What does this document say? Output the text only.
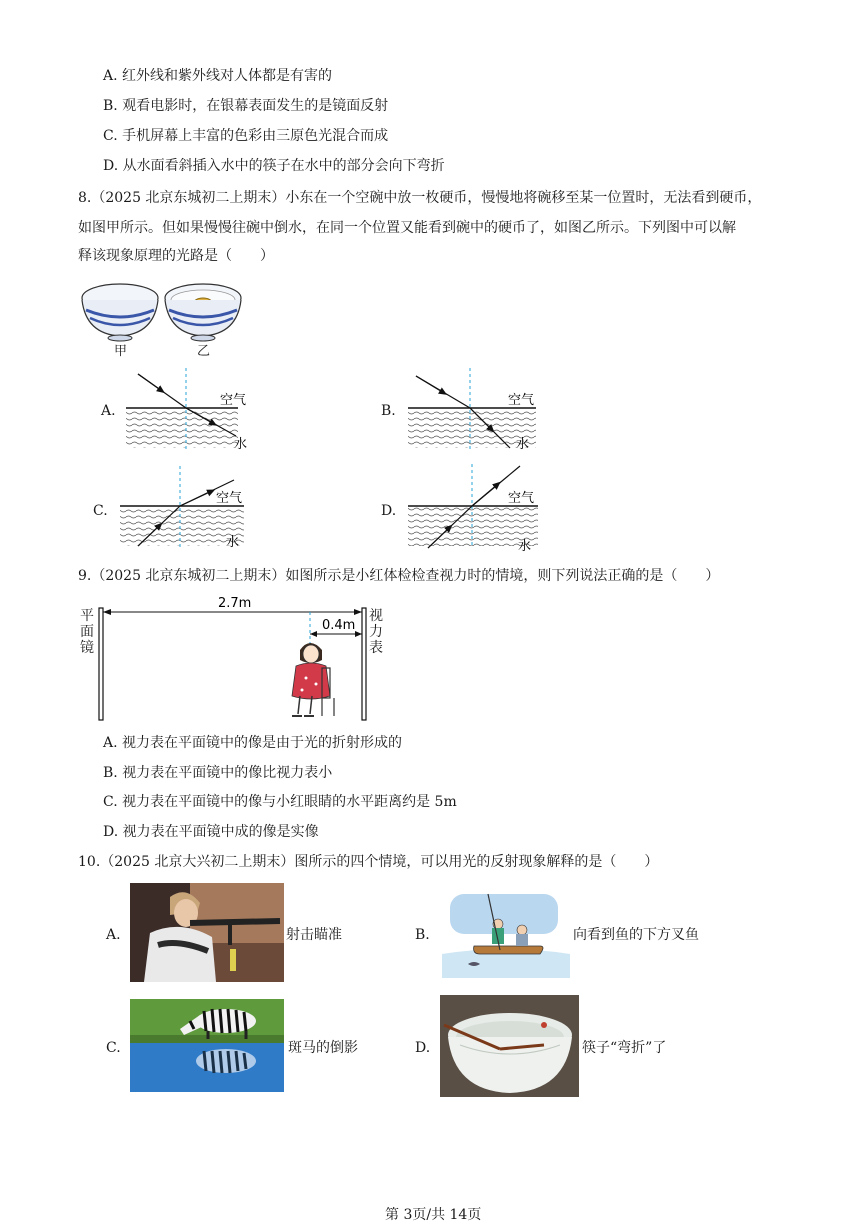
A. 红外线和紫外线对人体都是有害的
B. 观看电影时，在银幕表面发生的是镜面反射
C. 手机屏幕上丰富的色彩由三原色光混合而成
D. 从水面看斜插入水中的筷子在水中的部分会向下弯折
8.（2025 北京东城初二上期末）小东在一个空碗中放一枚硬币，慢慢地将碗移至某一位置时，无法看到硬币，
如图甲所示。但如果慢慢往碗中倒水，在同一个位置又能看到碗中的硬币了，如图乙所示。下列图中可以解
释该现象原理的光路是（　　）
甲	乙
A.
空气
水
B.
空气
水
C.
空气
水
D.
空气
水
9.（2025 北京东城初二上期末）如图所示是小红体检检查视力时的情境，则下列说法正确的是（　　）
2.7m
0.4m
平
面
镜
视
力
表
A. 视力表在平面镜中的像是由于光的折射形成的
B. 视力表在平面镜中的像比视力表小
C. 视力表在平面镜中的像与小红眼睛的水平距离约是 5m
D. 视力表在平面镜中成的像是实像
10.（2025 北京大兴初二上期末）图所示的四个情境，可以用光的反射现象解释的是（　　）
A.	射击瞄准	B.	向看到鱼的下方叉鱼
C.	斑马的倒影	D.	筷子“弯折”了
第 3页/共 14页
